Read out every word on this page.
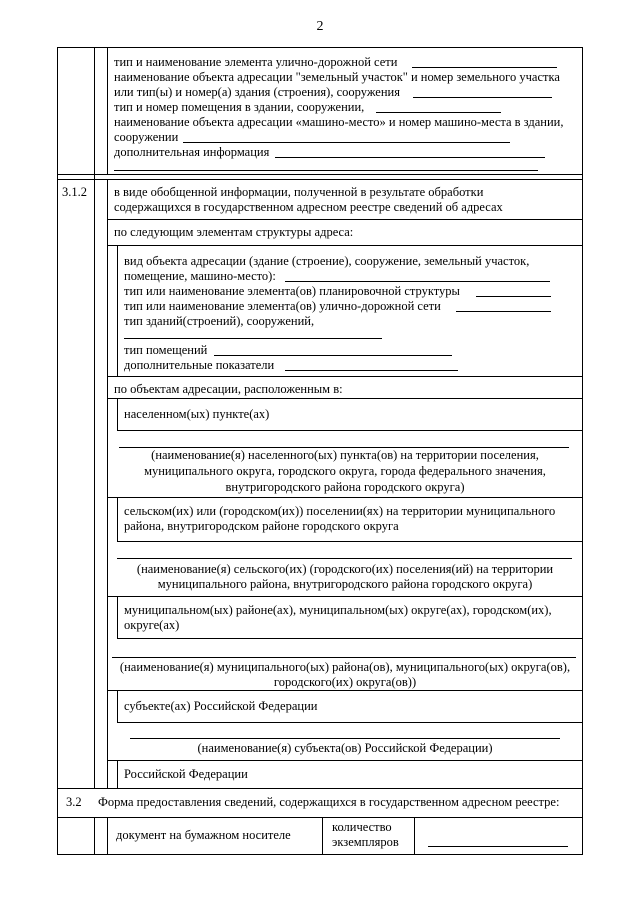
2
тип и наименование элемента улично-дорожной сети
наименование объекта адресации "земельный участок" и номер земельного участка
или тип(ы) и номер(а) здания (строения), сооружения
тип и номер помещения в здании, сооружении,
наименование объекта адресации «машино-место» и номер машино-места в здании,
сооружении
дополнительная информация
3.1.2 в виде обобщенной информации, полученной в результате обработки
содержащихся в государственном адресном реестре сведений об адресах
по следующим элементам структуры адреса:
вид объекта адресации (здание (строение), сооружение, земельный участок,
помещение, машино-место):
тип или наименование элемента(ов) планировочной структуры
тип или наименование элемента(ов) улично-дорожной сети
тип зданий(строений), сооружений,
тип помещений
дополнительные показатели
по объектам адресации, расположенным в:
населенном(ых) пункте(ах)
(наименование(я) населенного(ых) пункта(ов) на территории поселения,
муниципального округа, городского округа, города федерального значения,
внутригородского района городского округа)
сельском(их) или (городском(их)) поселении(ях) на территории муниципального
района, внутригородском районе городского округа
(наименование(я) сельского(их) (городского(их) поселения(ий) на территории
муниципального района, внутригородского района городского округа)
муниципальном(ых) районе(ах), муниципальном(ых) округе(ах), городском(их),
округе(ах)
(наименование(я) муниципального(ых) района(ов), муниципального(ых) округа(ов),
городского(их) округа(ов))
субъекте(ах) Российской Федерации
(наименование(я) субъекта(ов) Российской Федерации)
Российской Федерации
3.2 Форма предоставления сведений, содержащихся в государственном адресном реестре:
документ на бумажном носителе
количество
экземпляров
